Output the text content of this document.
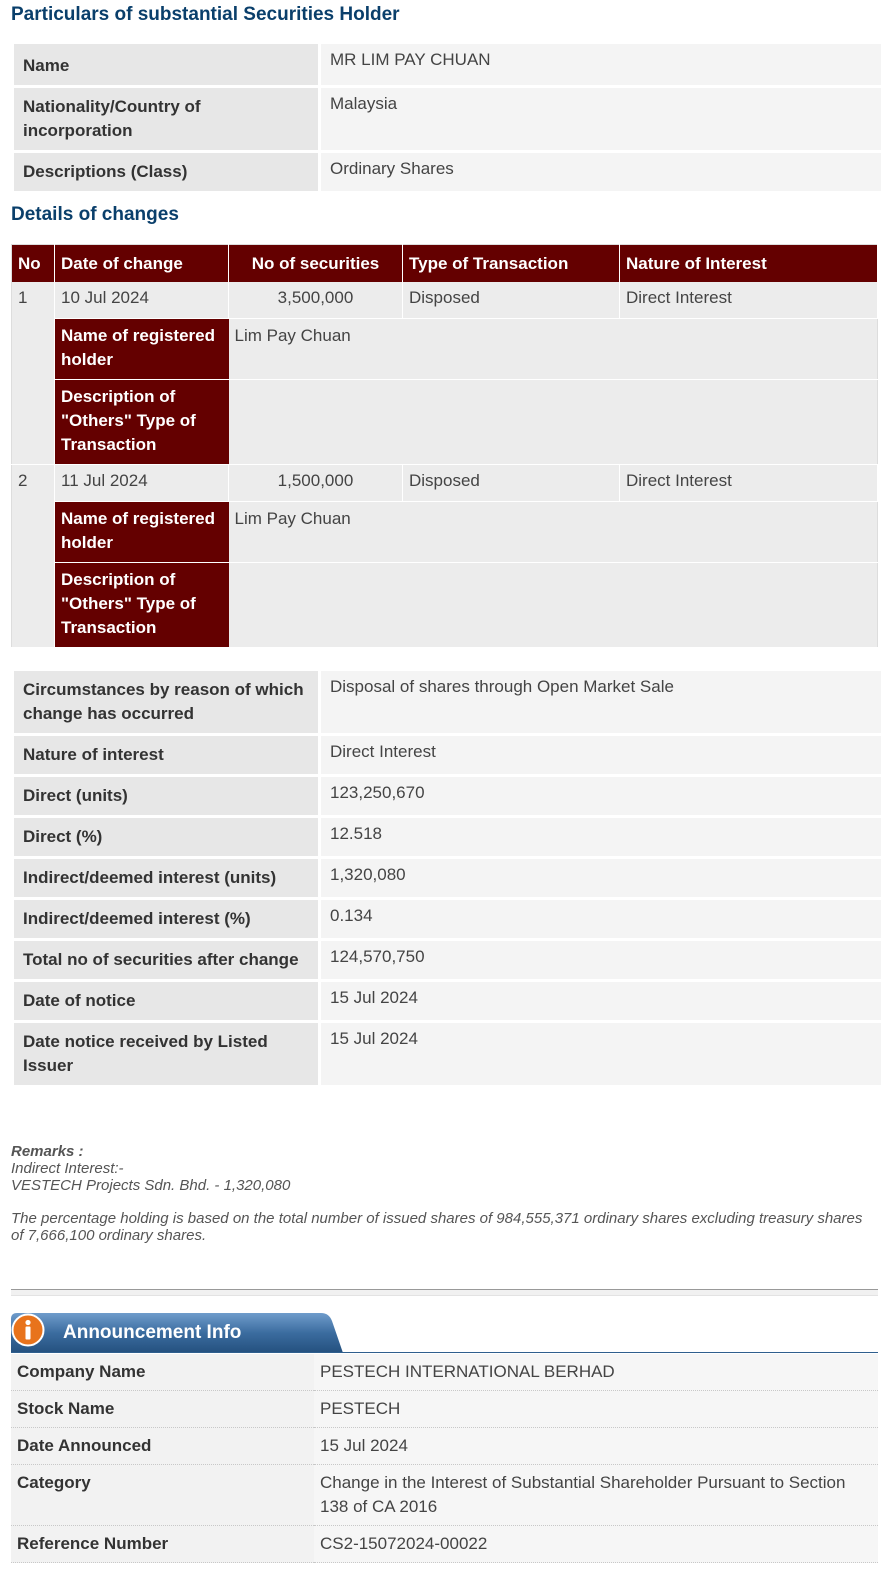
Particulars of substantial Securities Holder
Name	MR LIM PAY CHUAN
Nationality/Country of incorporation	Malaysia
Descriptions (Class)	Ordinary Shares
Details of changes
No	Date of change	No of securities	Type of Transaction	Nature of Interest
1	10 Jul 2024	3,500,000	Disposed	Direct Interest
	Name of registered holder	Lim Pay Chuan		
	Description of "Others" Type of Transaction			
2	11 Jul 2024	1,500,000	Disposed	Direct Interest
	Name of registered holder	Lim Pay Chuan		
	Description of "Others" Type of Transaction			
Circumstances by reason of which change has occurred	Disposal of shares through Open Market Sale
Nature of interest	Direct Interest
Direct (units)	123,250,670
Direct (%)	12.518
Indirect/deemed interest (units)	1,320,080
Indirect/deemed interest (%)	0.134
Total no of securities after change	124,570,750
Date of notice	15 Jul 2024
Date notice received by Listed Issuer	15 Jul 2024

Remarks :

Indirect Interest:-

VESTECH Projects Sdn. Bhd. - 1,320,080

The percentage holding is based on the total number of issued shares of 984,555,371 ordinary shares excluding treasury shares of 7,666,100 ordinary shares.

Announcement Info
Company Name	PESTECH INTERNATIONAL BERHAD
Stock Name	PESTECH
Date Announced	15 Jul 2024
Category	Change in the Interest of Substantial Shareholder Pursuant to Section 138 of CA 2016
Reference Number	CS2-15072024-00022
